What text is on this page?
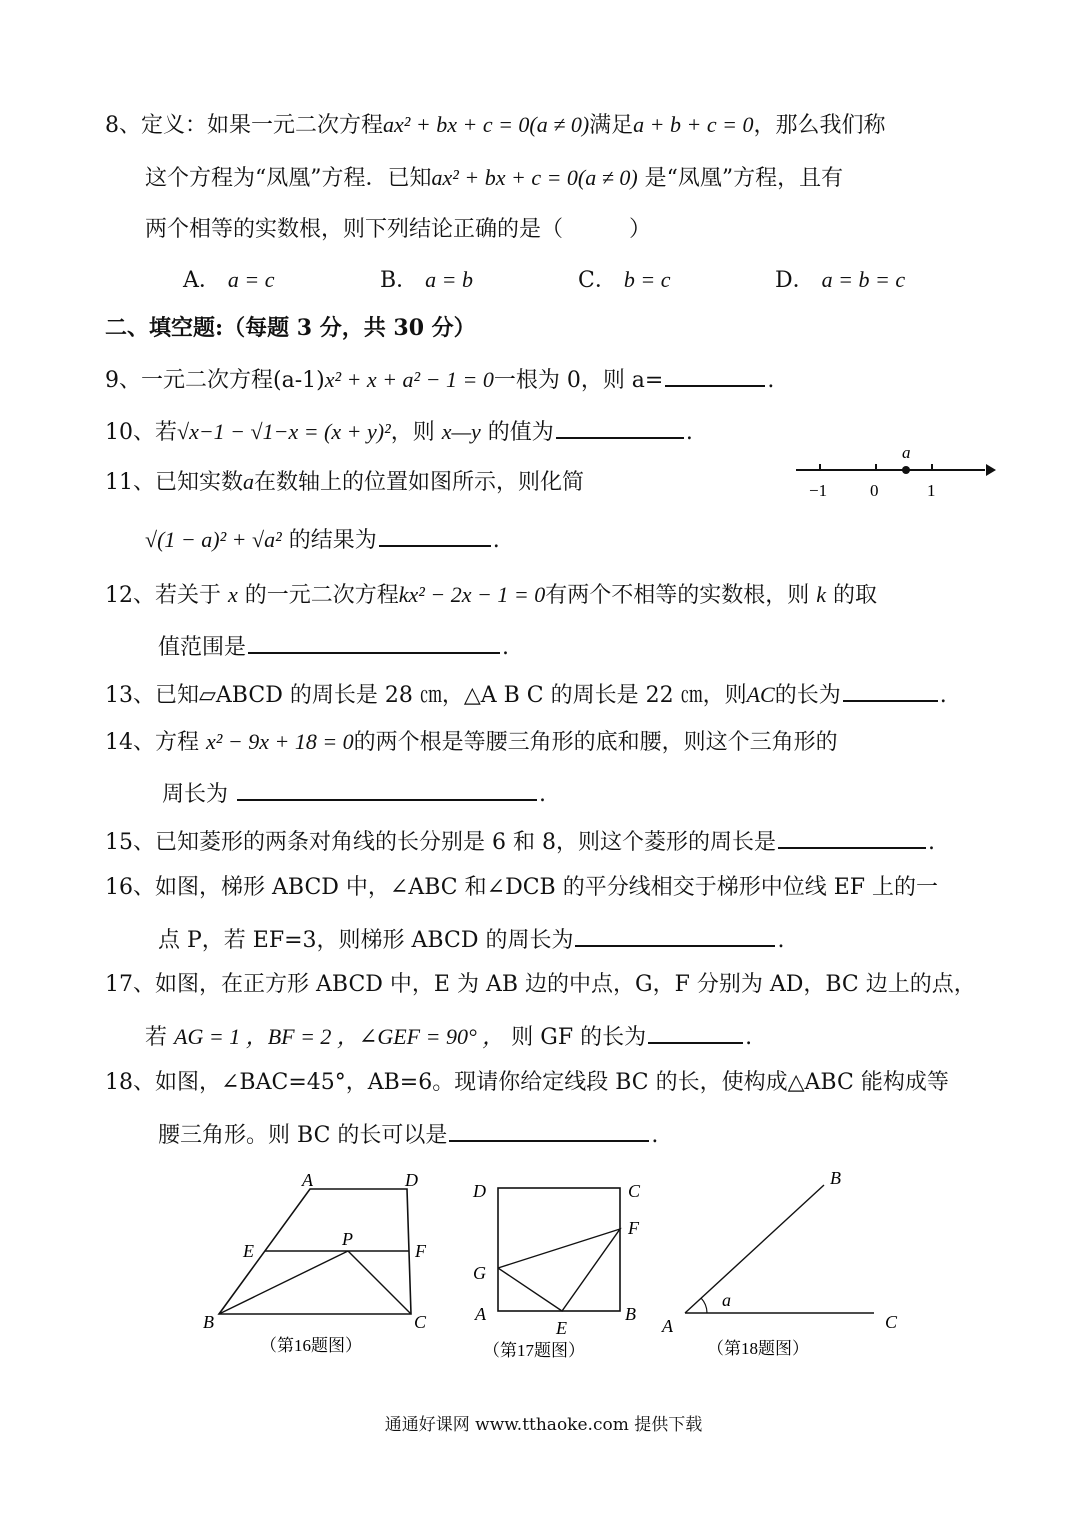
8、定义：如果一元二次方程ax² + bx + c = 0(a ≠ 0)满足a + b + c = 0，那么我们称
这个方程为“凤凰”方程．已知ax² + bx + c = 0(a ≠ 0) 是“凤凰”方程，且有
两个相等的实数根，则下列结论正确的是（　　　）
A． a = c	B． a = b	C． b = c	D． a = b = c
二、填空题:（每题 3 分，共 30 分）
9、一元二次方程(a-1)x² + x + a² − 1 = 0一根为 0，则 a=	.
10、若√x−1 − √1−x = (x + y)²，则 x—y 的值为	.
11、已知实数a在数轴上的位置如图所示，则化简
a
−1	0	1
√(1 − a)² + √a² 的结果为	.
12、若关于 x 的一元二次方程kx² − 2x − 1 = 0有两个不相等的实数根，则 k 的取
值范围是	.
13、已知▱ABCD 的周长是 28 ㎝，△A B C 的周长是 22 ㎝，则AC的长为	.
14、方程 x² − 9x + 18 = 0的两个根是等腰三角形的底和腰，则这个三角形的
周长为	.
15、已知菱形的两条对角线的长分别是 6 和 8，则这个菱形的周长是	.
16、如图，梯形 ABCD 中，∠ABC 和∠DCB 的平分线相交于梯形中位线 EF 上的一
点 P，若 EF=3，则梯形 ABCD 的周长为	.
17、如图，在正方形 ABCD 中，E 为 AB 边的中点，G，F 分别为 AD，BC 边上的点，
若 AG = 1 ，BF = 2 ，∠GEF = 90° ， 则 GF 的长为	.
18、如图，∠BAC=45°，AB=6。现请你给定线段 BC 的长，使构成△ABC 能构成等
腰三角形。则 BC 的长可以是	.
A	D
E	F
P
B	C
（第16题图）
D	C
F
G
A
E
B
（第17题图）
B
A	C
a
（第18题图）
通通好课网 www.tthaoke.com 提供下载
